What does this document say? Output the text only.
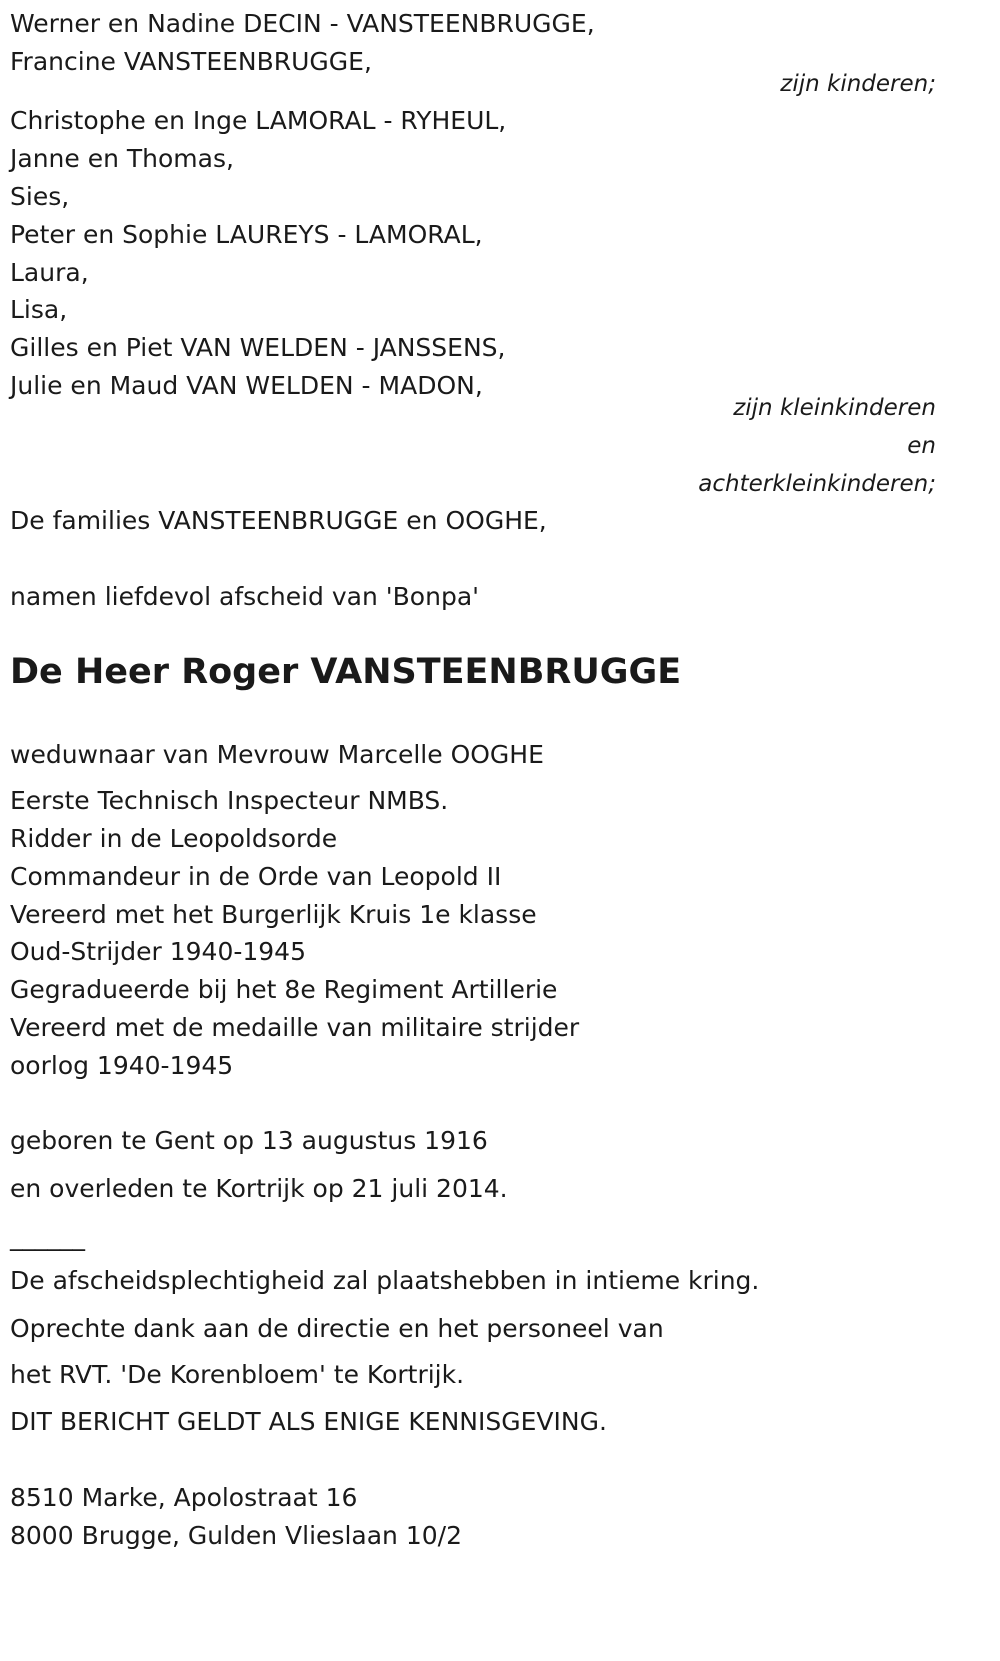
Werner en Nadine DECIN - VANSTEENBRUGGE,

Francine VANSTEENBRUGGE,

zijn kinderen;

Christophe en Inge LAMORAL - RYHEUL,

Janne en Thomas,

Sies,

Peter en Sophie LAUREYS - LAMORAL,

Laura,

Lisa,

Gilles en Piet VAN WELDEN - JANSSENS,

Julie en Maud VAN WELDEN - MADON,

zijn kleinkinderen
en
achterkleinkinderen;

De families VANSTEENBRUGGE en OOGHE,

namen liefdevol afscheid van 'Bonpa'

De Heer Roger VANSTEENBRUGGE

weduwnaar van Mevrouw Marcelle OOGHE

Eerste Technisch Inspecteur NMBS.

Ridder in de Leopoldsorde

Commandeur in de Orde van Leopold II

Vereerd met het Burgerlijk Kruis 1e klasse

Oud-Strijder 1940-1945

Gegradueerde bij het 8e Regiment Artillerie

Vereerd met de medaille van militaire strijder

oorlog 1940-1945

geboren te Gent op 13 augustus 1916

en overleden te Kortrijk op 21 juli 2014.

______

De afscheidsplechtigheid zal plaatshebben in intieme kring.

Oprechte dank aan de directie en het personeel van

het RVT. 'De Korenbloem' te Kortrijk.

DIT BERICHT GELDT ALS ENIGE KENNISGEVING.

8510 Marke, Apolostraat 16

8000 Brugge, Gulden Vlieslaan 10/2
